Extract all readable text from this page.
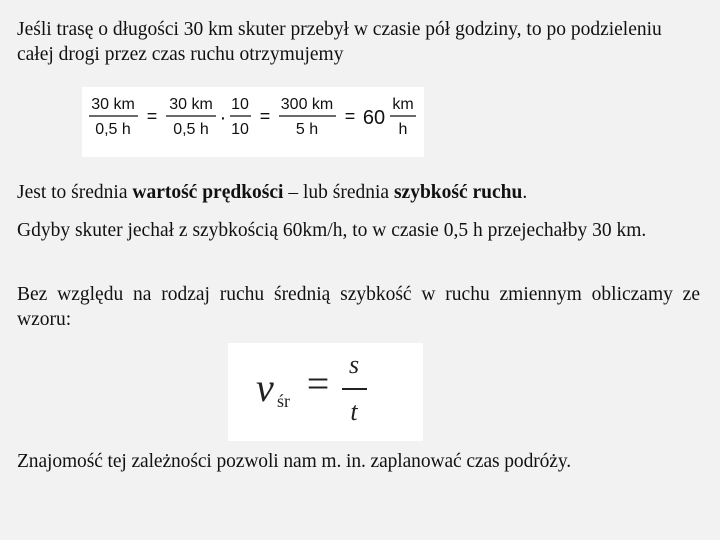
Jeśli trasę o długości 30 km skuter przebył w czasie pół godziny, to po podzieleniu całej drogi przez czas ruchu otrzymujemy

30 km
0,5 h
=
30 km
0,5 h
·
10
10
=
300 km
5 h
= 60
km
h

Jest to średnia wartość prędkości – lub średnia szybkość ruchu.

Gdyby skuter jechał z szybkością 60km/h, to w czasie 0,5 h przejechałby 30 km.

Bez względu na rodzaj ruchu średnią szybkość w ruchu zmiennym obliczamy ze wzoru:

v śr = s
t

Znajomość tej zależności pozwoli nam m. in. zaplanować czas podróży.
